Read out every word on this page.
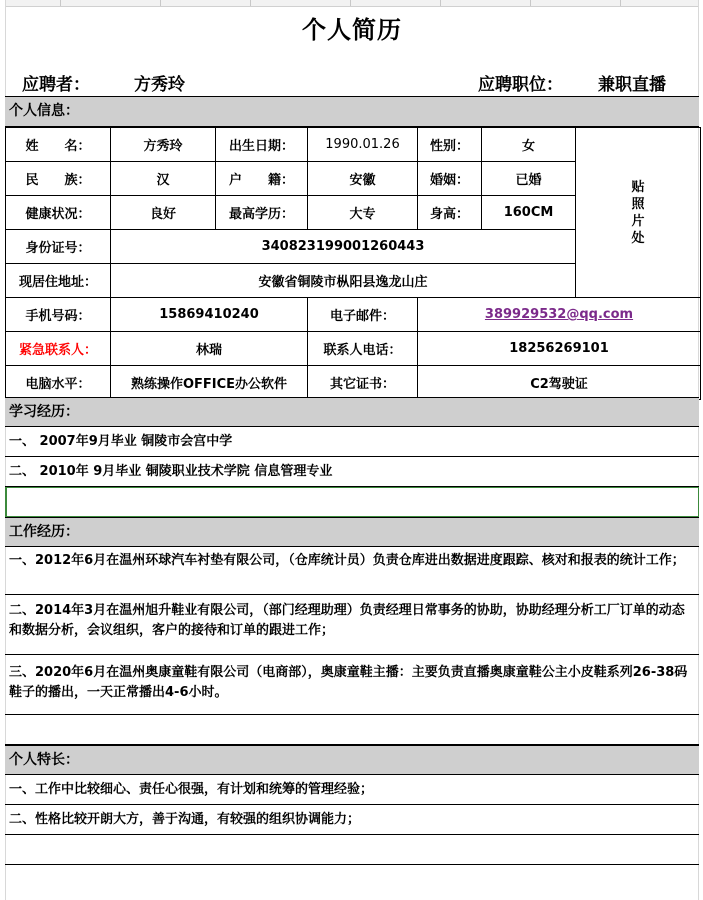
个人简历
应聘者：	方秀玲	应聘职位： 兼职直播
个人信息：
姓　　名：	方秀玲	出生日期：	1990.01.26	性别：	女	贴照片处

民　　族：	汉	户　　籍：	安徽	婚姻：	已婚	
健康状况：	良好	最高学历：	大专	身高：	160CM	
身份证号：	340823199001260443					
现居住地址：	安徽省铜陵市枞阳县逸龙山庄					
手机号码：	15869410240		电子邮件：	389929532@qq.com		
紧急联系人：	林瑞		联系人电话：	18256269101		
电脑水平：	熟练操作OFFICE办公软件		其它证书：	C2驾驶证		
学习经历：
一、 2007年9月毕业 铜陵市会宫中学
二、 2010年 9月毕业 铜陵职业技术学院 信息管理专业
工作经历：
一、2012年6月在温州环球汽车衬垫有限公司，（仓库统计员）负责仓库进出数据进度跟踪、核对和报表的统计工作；
二、2014年3月在温州旭升鞋业有限公司，（部门经理助理）负责经理日常事务的协助，协助经理分析工厂订单的动态和数据分析，会议组织，客户的接待和订单的跟进工作；
三、2020年6月在温州奥康童鞋有限公司（电商部），奥康童鞋主播：主要负责直播奥康童鞋公主小皮鞋系列26-38码鞋子的播出，一天正常播出4-6小时。
个人特长：
一、工作中比较细心、责任心很强，有计划和统筹的管理经验；
二、性格比较开朗大方，善于沟通，有较强的组织协调能力；
